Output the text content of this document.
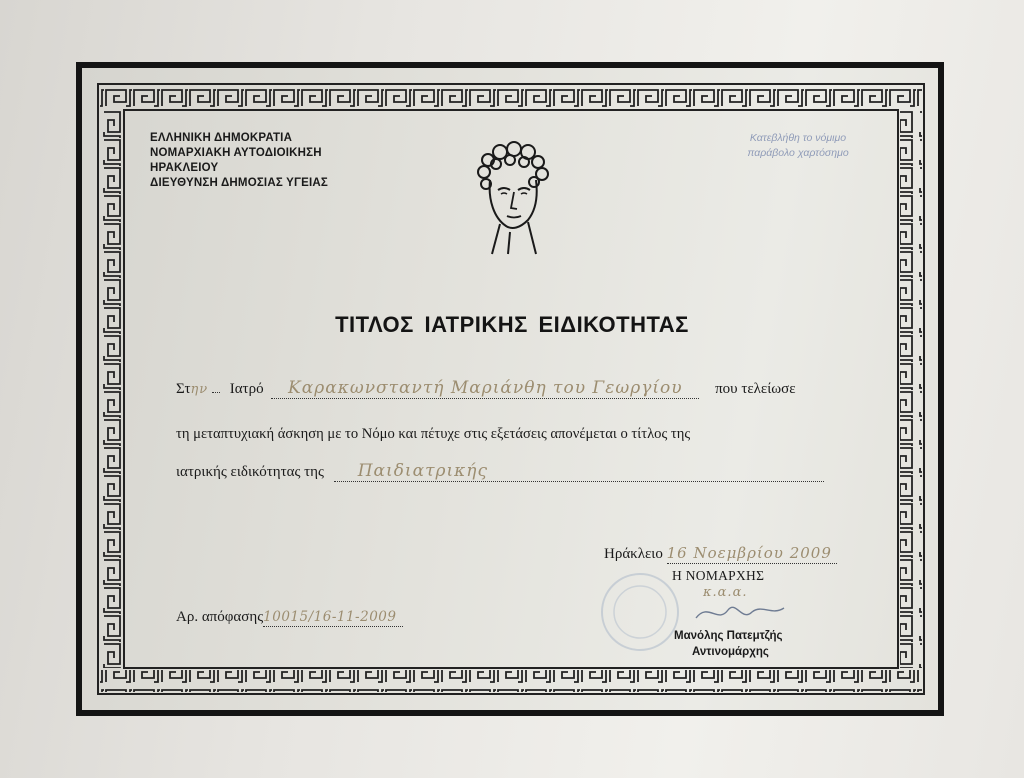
ΕΛΛΗΝΙΚΗ ΔΗΜΟΚΡΑΤΙΑ
ΝΟΜΑΡΧΙΑΚΗ ΑΥΤΟΔΙΟΙΚΗΣΗ
ΗΡΑΚΛΕΙΟΥ
ΔΙΕΥΘΥΝΣΗ ΔΗΜΟΣΙΑΣ ΥΓΕΙΑΣ
Κατεβλήθη το νόμιμο
παράβολο χαρτόσημο
ΤΙΤΛΟΣ ΙΑΤΡΙΚΗΣ ΕΙΔΙΚΟΤΗΤΑΣ
Στην Ιατρό Καρακωνσταντή Μαριάνθη του Γεωργίου που τελείωσε
τη μεταπτυχιακή άσκηση με το Νόμο και πέτυχε στις εξετάσεις απονέμεται ο τίτλος της
ιατρικής ειδικότητας της Παιδιατρικής
Ηράκλειο 16 Νοεμβρίου 2009
Η ΝΟΜΑΡΧΗΣ
κ.α.α.
Μανόλης Πατεμτζής
Αντινομάρχης
Αρ. απόφασης10015/16-11-2009
